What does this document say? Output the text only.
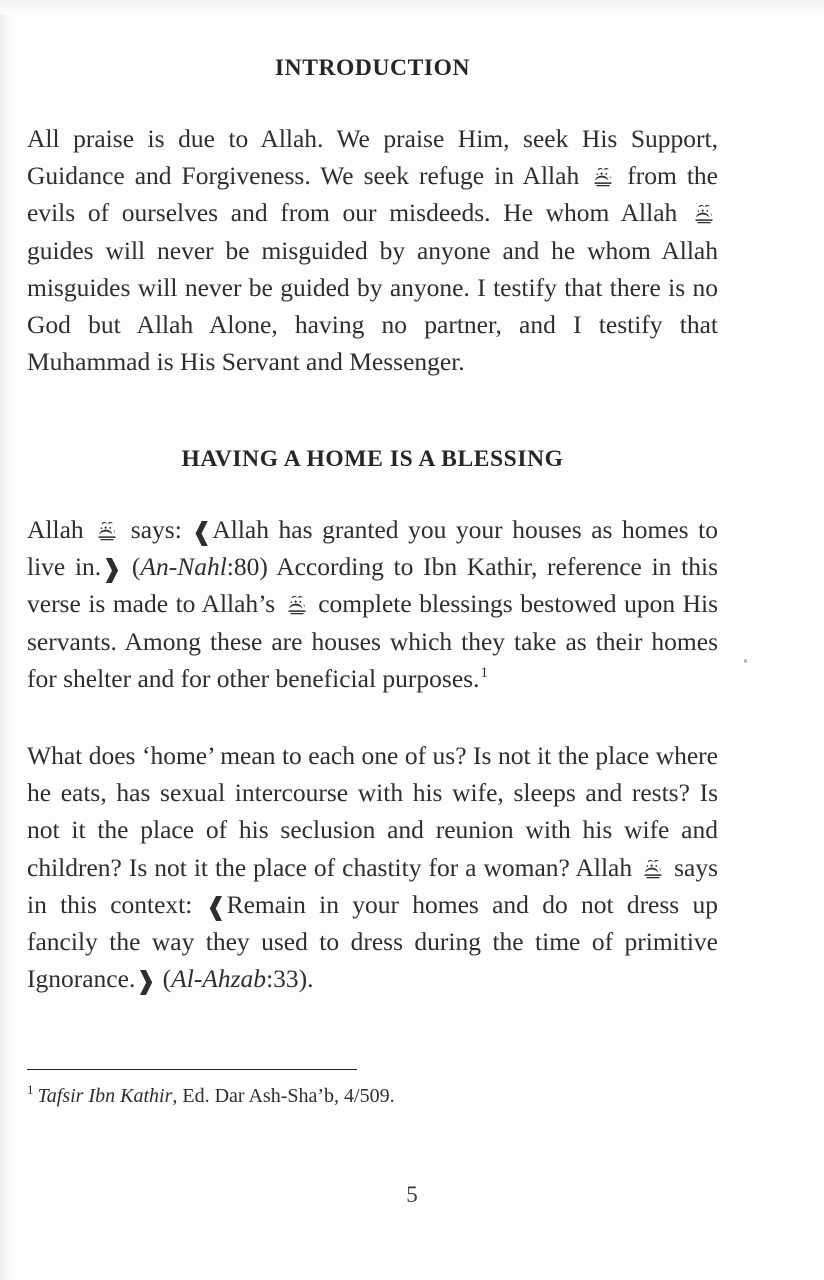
INTRODUCTION

All praise is due to Allah. We praise Him, seek His Support, Guidance and Forgiveness. We seek refuge in Allah
from the evils of ourselves and from our misdeeds. He whom Allah
guides will never be misguided by anyone and he whom Allah misguides will never be guided by anyone. I testify that there is no God but Allah Alone, having no partner, and I testify that Muhammad is His Servant and Messenger.

HAVING A HOME IS A BLESSING

Allah
says: ❰Allah has granted you your houses as homes to live in.❱ (An-Nahl:80) According to Ibn Kathir, reference in this verse is made to Allah’s
complete blessings bestowed upon His servants. Among these are houses which they take as their homes for shelter and for other beneficial purposes.$^1$

What does ‘home’ mean to each one of us? Is not it the place where he eats, has sexual intercourse with his wife, sleeps and rests? Is not it the place of his seclusion and reunion with his wife and children? Is not it the place of chastity for a woman? Allah
says in this context: ❰Remain in your homes and do not dress up fancily the way they used to dress during the time of primitive Ignorance.❱ (Al-Ahzab:33).

$^1$ Tafsir Ibn Kathir, Ed. Dar Ash-Sha’b, 4/509.
5
